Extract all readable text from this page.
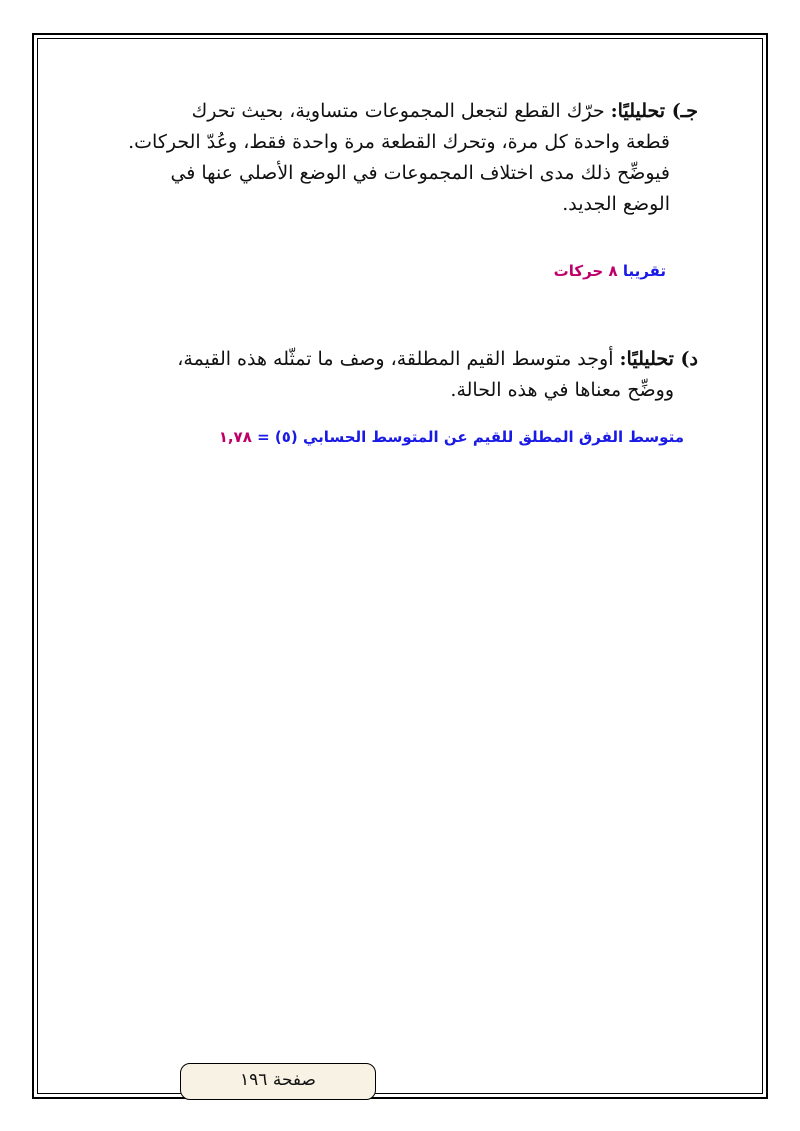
جـ) تحليليًا: حرّك القطع لتجعل المجموعات متساوية، بحيث تحرك
قطعة واحدة كل مرة، وتحرك القطعة مرة واحدة فقط، وعُدّ الحركات.
فيوضِّح ذلك مدى اختلاف المجموعات في الوضع الأصلي عنها في
الوضع الجديد.
تقريبا ٨ حركات
د) تحليليًا: أوجد متوسط القيم المطلقة، وصف ما تمثّله هذه القيمة،
ووضِّح معناها في هذه الحالة.
متوسط الفرق المطلق للقيم عن المتوسط الحسابي (٥) = ١,٧٨
صفحة ١٩٦
